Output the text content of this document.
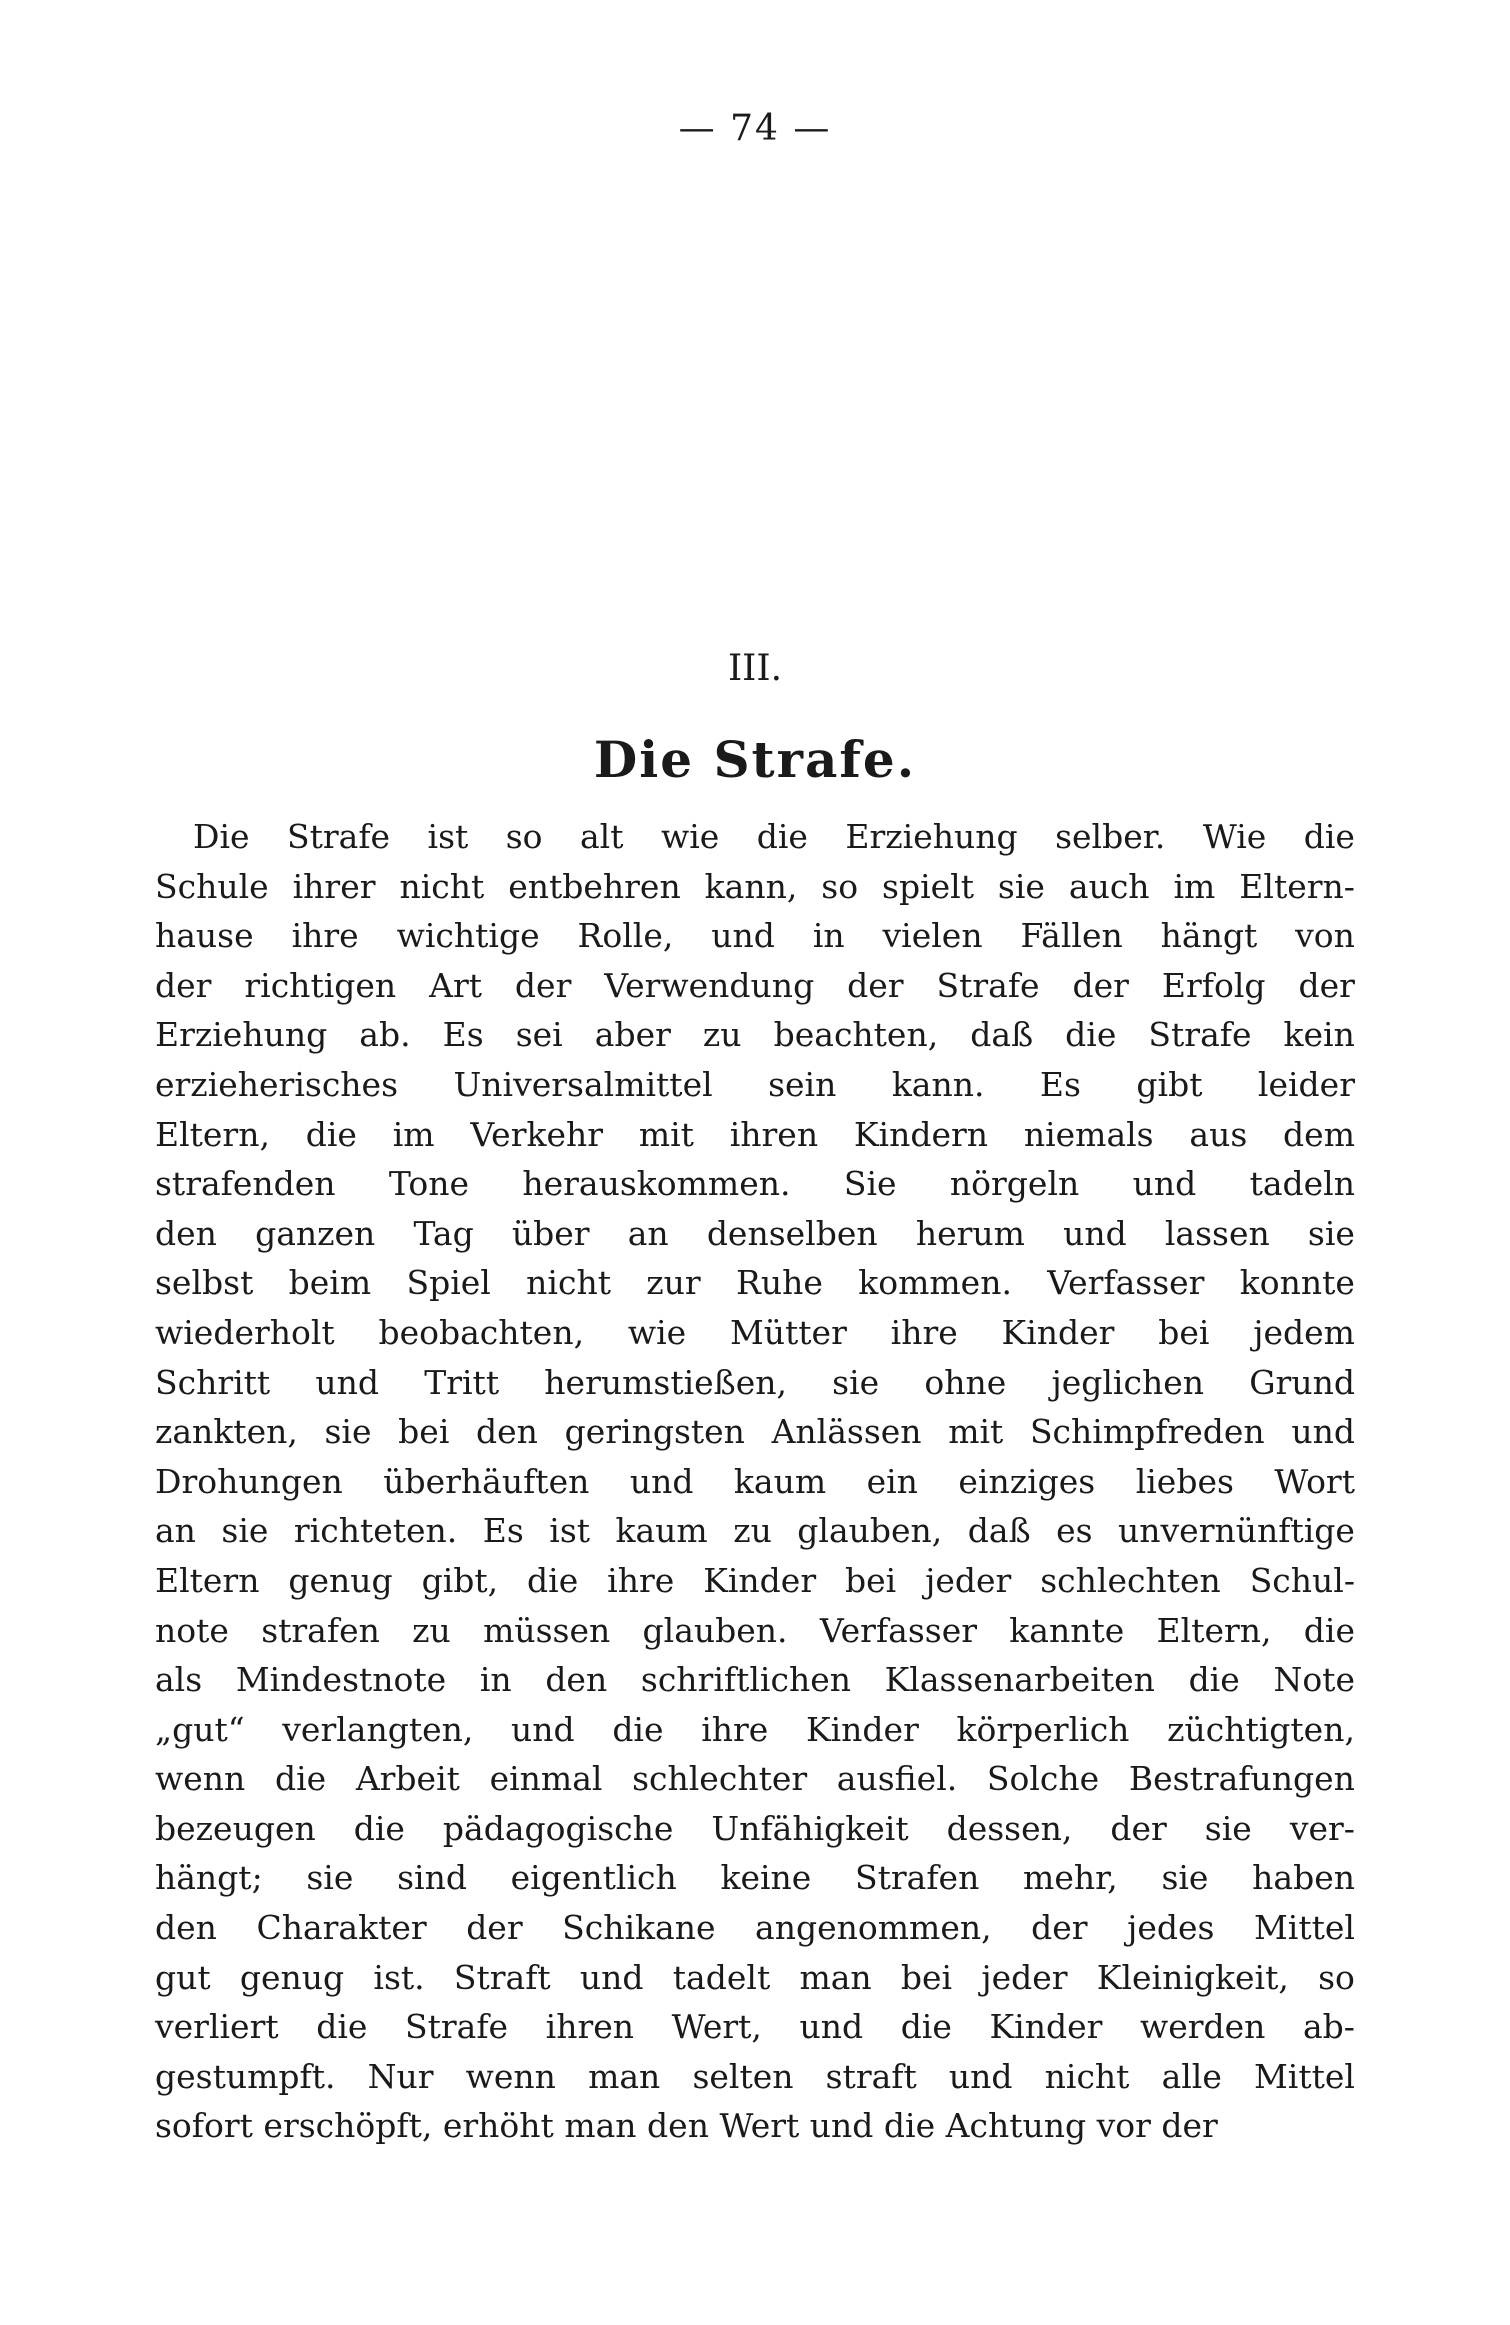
— 74 —
III.
Die Strafe.
Die Strafe ist so alt wie die Erziehung selber. Wie die
Schule ihrer nicht entbehren kann, so spielt sie auch im Eltern-
hause ihre wichtige Rolle, und in vielen Fällen hängt von
der richtigen Art der Verwendung der Strafe der Erfolg der
Erziehung ab. Es sei aber zu beachten, daß die Strafe kein
erzieherisches Universalmittel sein kann. Es gibt leider
Eltern, die im Verkehr mit ihren Kindern niemals aus dem
strafenden Tone herauskommen. Sie nörgeln und tadeln
den ganzen Tag über an denselben herum und lassen sie
selbst beim Spiel nicht zur Ruhe kommen. Verfasser konnte
wiederholt beobachten, wie Mütter ihre Kinder bei jedem
Schritt und Tritt herumstießen, sie ohne jeglichen Grund
zankten, sie bei den geringsten Anlässen mit Schimpfreden und
Drohungen überhäuften und kaum ein einziges liebes Wort
an sie richteten. Es ist kaum zu glauben, daß es unvernünftige
Eltern genug gibt, die ihre Kinder bei jeder schlechten Schul-
note strafen zu müssen glauben. Verfasser kannte Eltern, die
als Mindestnote in den schriftlichen Klassenarbeiten die Note
„gut“ verlangten, und die ihre Kinder körperlich züchtigten,
wenn die Arbeit einmal schlechter ausfiel. Solche Bestrafungen
bezeugen die pädagogische Unfähigkeit dessen, der sie ver-
hängt; sie sind eigentlich keine Strafen mehr, sie haben
den Charakter der Schikane angenommen, der jedes Mittel
gut genug ist. Straft und tadelt man bei jeder Kleinigkeit, so
verliert die Strafe ihren Wert, und die Kinder werden ab-
gestumpft. Nur wenn man selten straft und nicht alle Mittel
sofort
erschöpft,
erhöht
man
den
Wert
und
die
Achtung
vor
der
